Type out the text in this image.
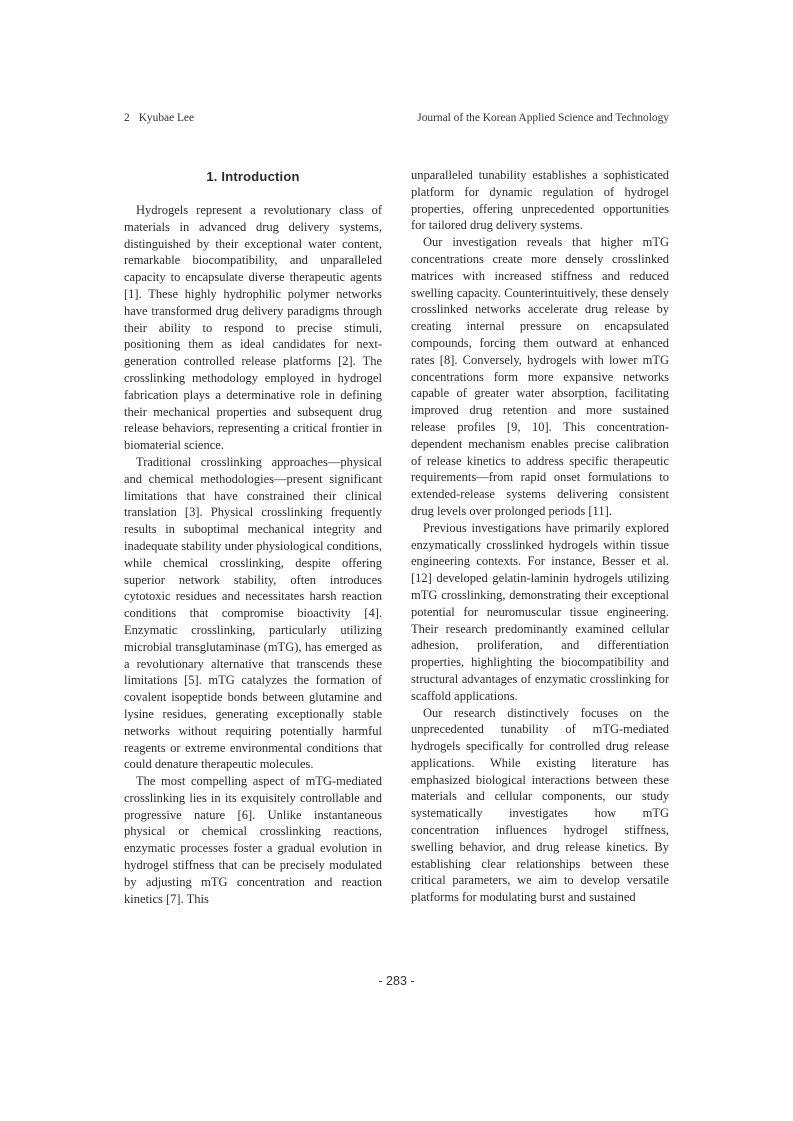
2 Kyubae Lee	Journal of the Korean Applied Science and Technology
1. Introduction

Hydrogels represent a revolutionary class of materials in advanced drug delivery systems, distinguished by their exceptional water content, remarkable biocompatibility, and unparalleled capacity to encapsulate diverse therapeutic agents [1]. These highly hydrophilic polymer networks have transformed drug delivery paradigms through their ability to respond to precise stimuli, positioning them as ideal candidates for next-generation controlled release platforms [2]. The crosslinking methodology employed in hydrogel fabrication plays a determinative role in defining their mechanical properties and subsequent drug release behaviors, representing a critical frontier in biomaterial science.

Traditional crosslinking approaches—physical and chemical methodologies—present significant limitations that have constrained their clinical translation [3]. Physical crosslinking frequently results in suboptimal mechanical integrity and inadequate stability under physiological conditions, while chemical crosslinking, despite offering superior network stability, often introduces cytotoxic residues and necessitates harsh reaction conditions that compromise bioactivity [4]. Enzymatic crosslinking, particularly utilizing microbial transglutaminase (mTG), has emerged as a revolutionary alternative that transcends these limitations [5]. mTG catalyzes the formation of covalent isopeptide bonds between glutamine and lysine residues, generating exceptionally stable networks without requiring potentially harmful reagents or extreme environmental conditions that could denature therapeutic molecules.

The most compelling aspect of mTG-mediated crosslinking lies in its exquisitely controllable and progressive nature [6]. Unlike instantaneous physical or chemical crosslinking reactions, enzymatic processes foster a gradual evolution in hydrogel stiffness that can be precisely modulated by adjusting mTG concentration and reaction kinetics [7]. This

unparalleled tunability establishes a sophisticated platform for dynamic regulation of hydrogel properties, offering unprecedented opportunities for tailored drug delivery systems.

Our investigation reveals that higher mTG concentrations create more densely crosslinked matrices with increased stiffness and reduced swelling capacity. Counterintuitively, these densely crosslinked networks accelerate drug release by creating internal pressure on encapsulated compounds, forcing them outward at enhanced rates [8]. Conversely, hydrogels with lower mTG concentrations form more expansive networks capable of greater water absorption, facilitating improved drug retention and more sustained release profiles [9, 10]. This concentration-dependent mechanism enables precise calibration of release kinetics to address specific therapeutic requirements—from rapid onset formulations to extended-release systems delivering consistent drug levels over prolonged periods [11].

Previous investigations have primarily explored enzymatically crosslinked hydrogels within tissue engineering contexts. For instance, Besser et al. [12] developed gelatin-laminin hydrogels utilizing mTG crosslinking, demonstrating their exceptional potential for neuromuscular tissue engineering. Their research predominantly examined cellular adhesion, proliferation, and differentiation properties, highlighting the biocompatibility and structural advantages of enzymatic crosslinking for scaffold applications.

Our research distinctively focuses on the unprecedented tunability of mTG-mediated hydrogels specifically for controlled drug release applications. While existing literature has emphasized biological interactions between these materials and cellular components, our study systematically investigates how mTG concentration influences hydrogel stiffness, swelling behavior, and drug release kinetics. By establishing clear relationships between these critical parameters, we aim to develop versatile platforms for modulating burst and sustained

- 283 -
